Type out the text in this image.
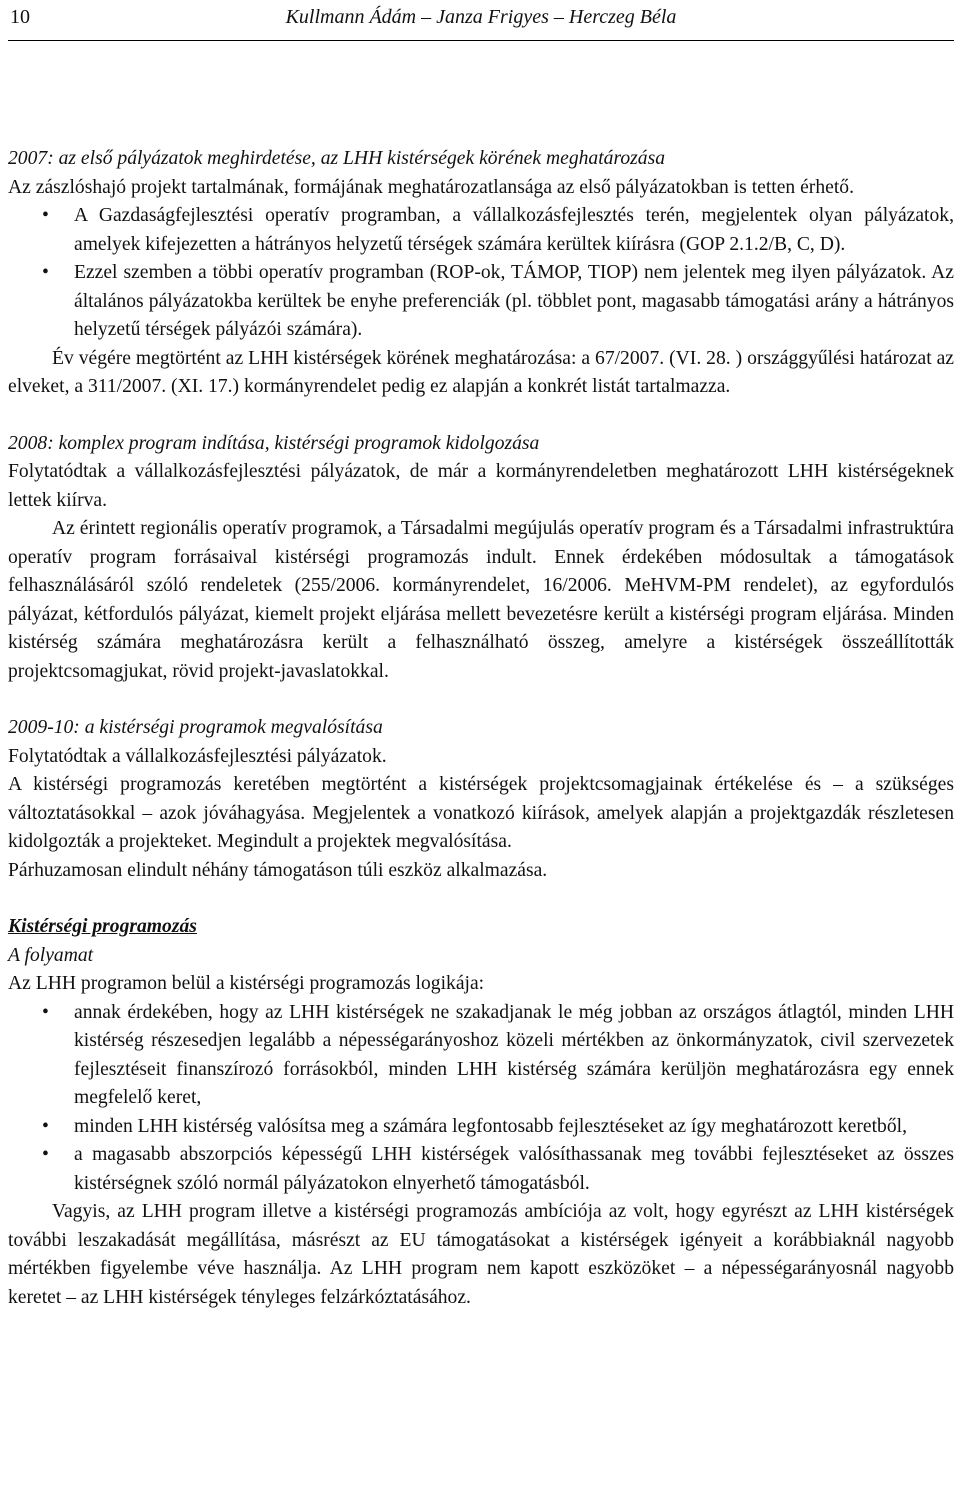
10	Kullmann Ádám – Janza Frigyes – Herczeg Béla

2007: az első pályázatok meghirdetése, az LHH kistérségek körének meghatározása

Az zászlóshajó projekt tartalmának, formájának meghatározatlansága az első pályázatokban is tetten érhető.

•
A Gazdaságfejlesztési operatív programban, a vállalkozásfejlesztés terén, megjelentek olyan pályázatok, amelyek kifejezetten a hátrányos helyzetű térségek számára kerültek kiírásra (GOP 2.1.2/B, C, D).
•
Ezzel szemben a többi operatív programban (ROP-ok, TÁMOP, TIOP) nem jelentek meg ilyen pályázatok. Az általános pályázatokba kerültek be enyhe preferenciák (pl. többlet pont, magasabb támogatási arány a hátrányos helyzetű térségek pályázói számára).

Év végére megtörtént az LHH kistérségek körének meghatározása: a 67/2007. (VI. 28. ) országgyűlési határozat az elveket, a 311/2007. (XI. 17.) kormányrendelet pedig ez alapján a konkrét listát tartalmazza.

2008: komplex program indítása, kistérségi programok kidolgozása

Folytatódtak a vállalkozásfejlesztési pályázatok, de már a kormányrendeletben meghatározott LHH kistérségeknek lettek kiírva.

Az érintett regionális operatív programok, a Társadalmi megújulás operatív program és a Társadalmi infrastruktúra operatív program forrásaival kistérségi programozás indult. Ennek érdekében módosultak a támogatások felhasználásáról szóló rendeletek (255/2006. kormányrendelet, 16/2006. MeHVM-PM rendelet), az egyfordulós pályázat, kétfordulós pályázat, kiemelt projekt eljárása mellett bevezetésre került a kistérségi program eljárása. Minden kistérség számára meghatározásra került a felhasználható összeg, amelyre a kistérségek összeállították projektcsomagjukat, rövid projekt-javaslatokkal.

2009-10: a kistérségi programok megvalósítása

Folytatódtak a vállalkozásfejlesztési pályázatok.

A kistérségi programozás keretében megtörtént a kistérségek projektcsomagjainak értékelése és – a szükséges változtatásokkal – azok jóváhagyása. Megjelentek a vonatkozó kiírások, amelyek alapján a projektgazdák részletesen kidolgozták a projekteket. Megindult a projektek megvalósítása.

Párhuzamosan elindult néhány támogatáson túli eszköz alkalmazása.

Kistérségi programozás

A folyamat

Az LHH programon belül a kistérségi programozás logikája:

•
annak érdekében, hogy az LHH kistérségek ne szakadjanak le még jobban az országos átlagtól, minden LHH kistérség részesedjen legalább a népességarányoshoz közeli mértékben az önkormányzatok, civil szervezetek fejlesztéseit finanszírozó forrásokból, minden LHH kistérség számára kerüljön meghatározásra egy ennek megfelelő keret,
•
minden LHH kistérség valósítsa meg a számára legfontosabb fejlesztéseket az így meghatározott keretből,
•
a magasabb abszorpciós képességű LHH kistérségek valósíthassanak meg további fejlesztéseket az összes kistérségnek szóló normál pályázatokon elnyerhető támogatásból.

Vagyis, az LHH program illetve a kistérségi programozás ambíciója az volt, hogy egyrészt az LHH kistérségek további leszakadását megállítása, másrészt az EU támogatásokat a kistérségek igényeit a korábbiaknál nagyobb mértékben figyelembe véve használja. Az LHH program nem kapott eszközöket – a népességarányosnál nagyobb keretet – az LHH kistérségek tényleges felzárkóztatásához.
